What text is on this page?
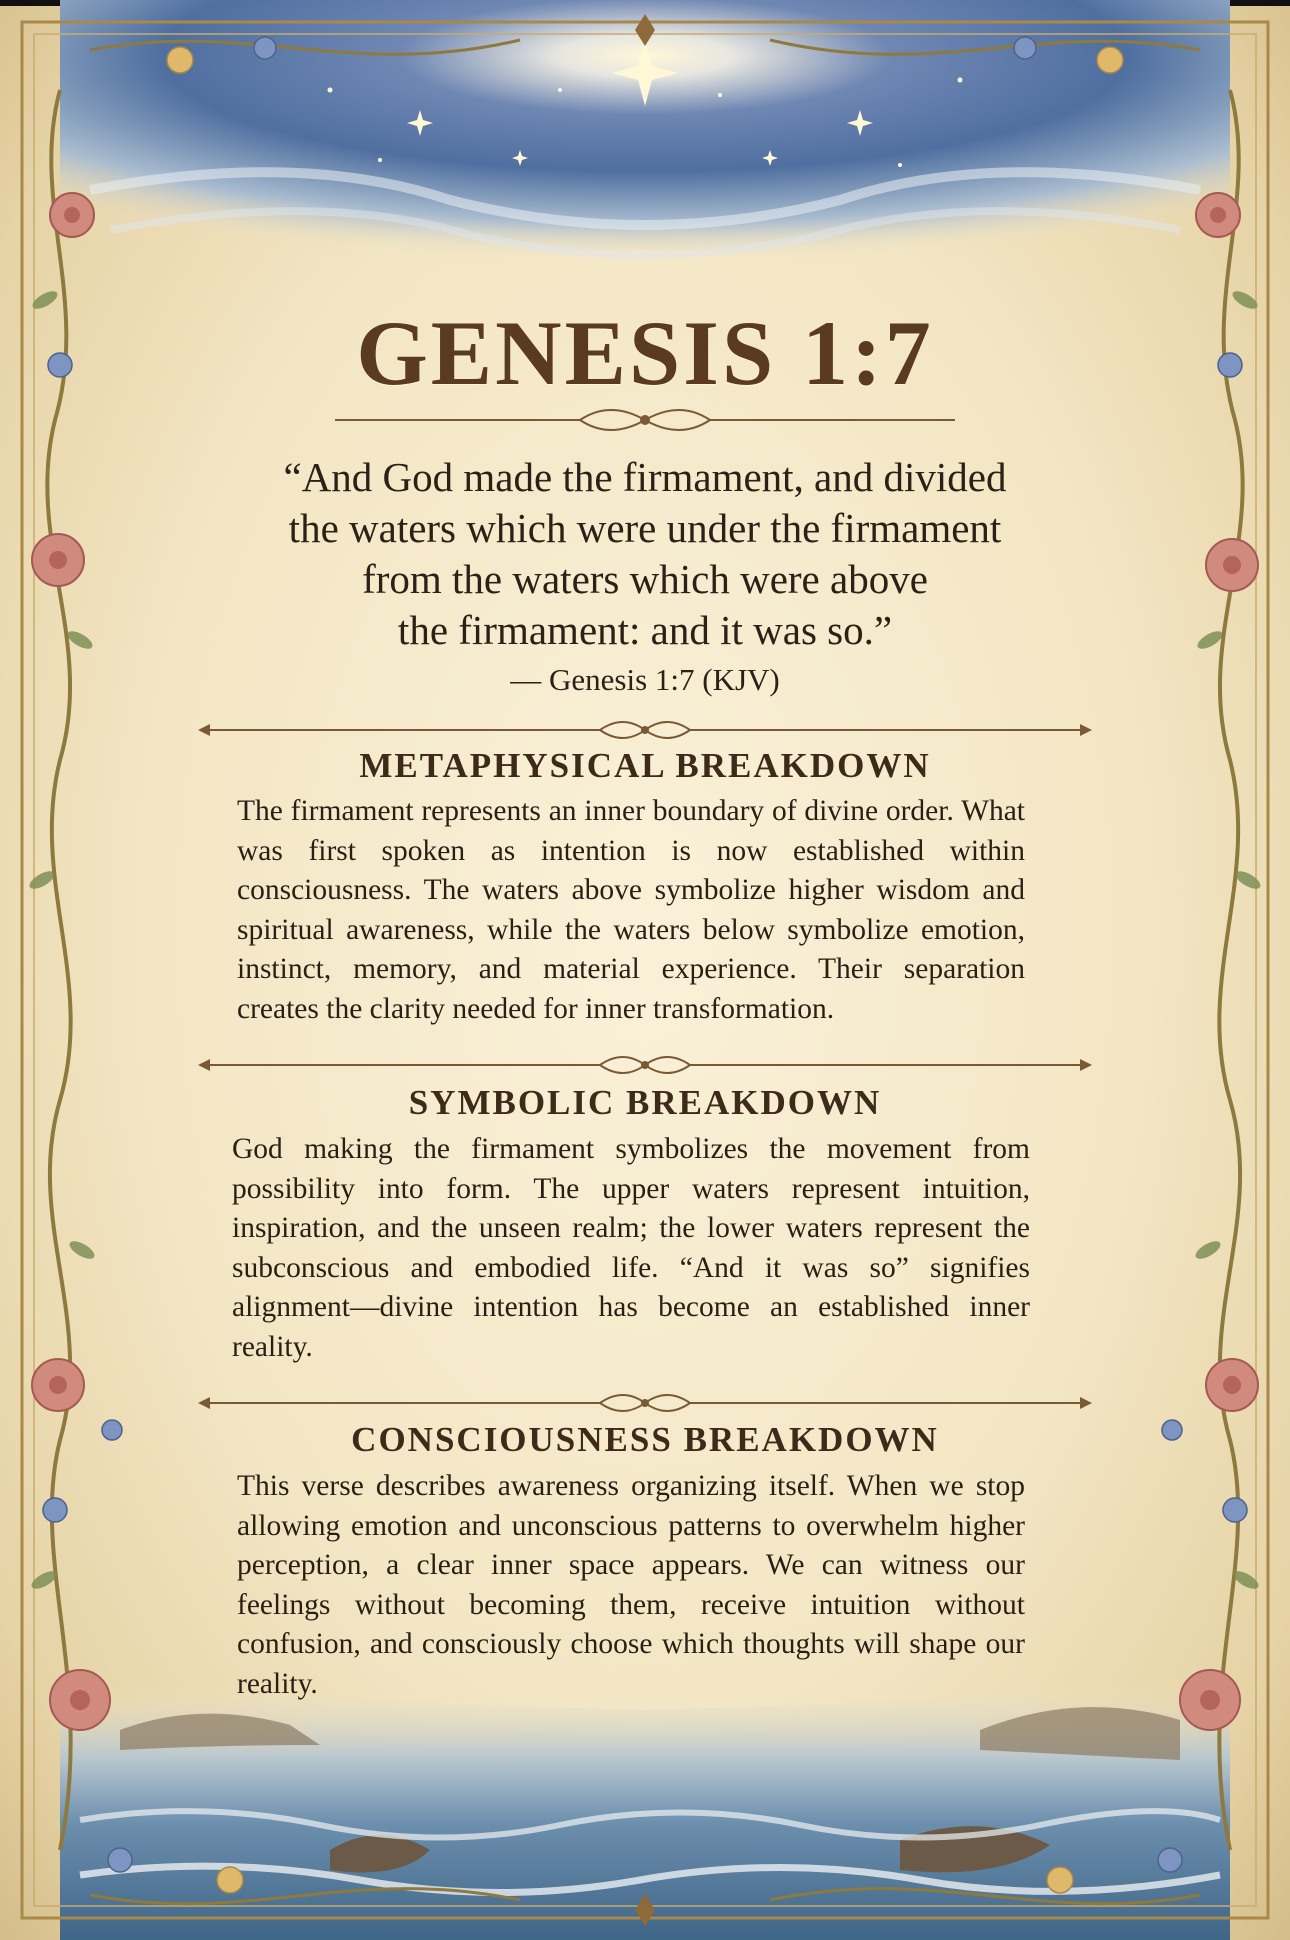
GENESIS 1:7
“And God made the firmament, and divided
the waters which were under the firmament
from the waters which were above
the firmament: and it was so.”
— Genesis 1:7 (KJV)
METAPHYSICAL BREAKDOWN
The firmament represents an inner boundary of divine order. What was first spoken as intention is now established within consciousness. The waters above symbolize higher wisdom and spiritual awareness, while the waters below symbolize emotion, instinct, memory, and material experience. Their separation creates the clarity needed for inner transformation.
SYMBOLIC BREAKDOWN
God making the firmament symbolizes the movement from possibility into form. The upper waters represent intuition, inspiration, and the unseen realm; the lower waters represent the subconscious and embodied life. “And it was so” signifies alignment—divine intention has become an established inner reality.
CONSCIOUSNESS BREAKDOWN
This verse describes awareness organizing itself. When we stop allowing emotion and unconscious patterns to overwhelm higher perception, a clear inner space appears. We can witness our feelings without becoming them, receive intuition without confusion, and consciously choose which thoughts will shape our reality.
